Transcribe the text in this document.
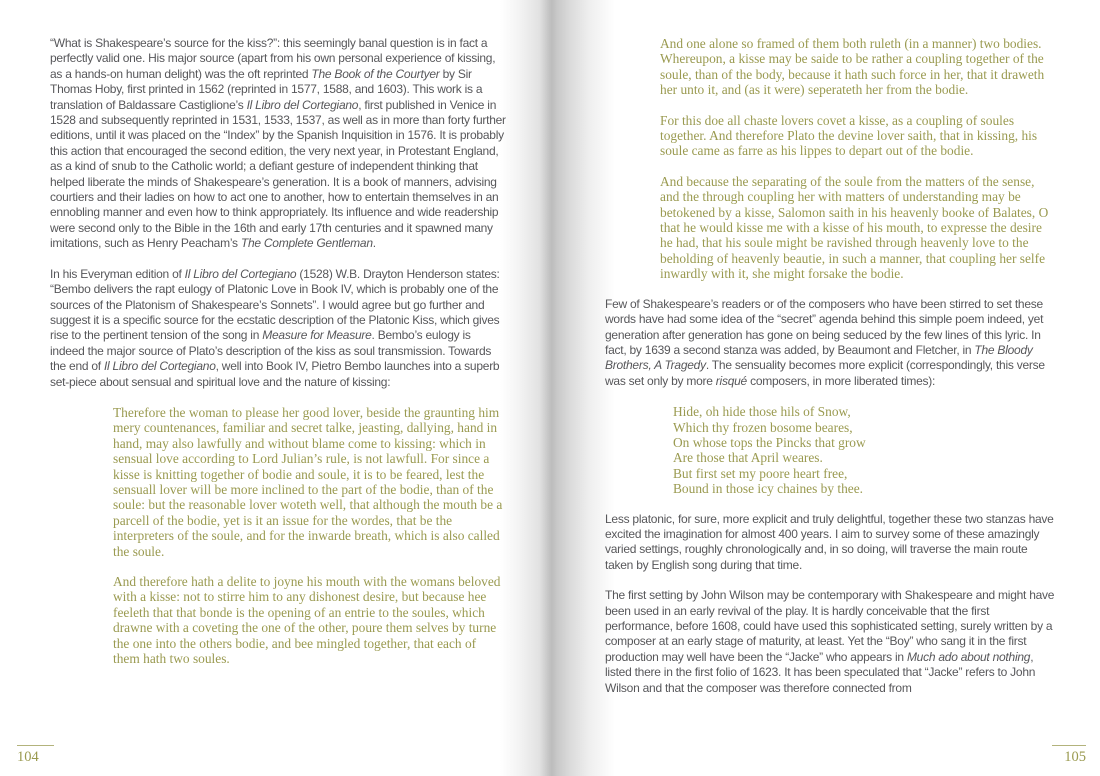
“What is Shakespeare’s source for the kiss?”: this seemingly banal question is in fact a perfectly valid one. His major source (apart from his own personal experience of kissing, as a hands-on human delight) was the oft reprinted The Book of the Courtyer by Sir Thomas Hoby, first printed in 1562 (reprinted in 1577, 1588, and 1603). This work is a translation of Baldassare Castiglione’s Il Libro del Cortegiano, first published in Venice in 1528 and subsequently reprinted in 1531, 1533, 1537, as well as in more than forty further editions, until it was placed on the “Index” by the Spanish Inquisition in 1576. It is probably this action that encouraged the second edition, the very next year, in Protestant England, as a kind of snub to the Catholic world; a defiant gesture of independent thinking that helped liberate the minds of Shakespeare’s generation. It is a book of manners, advising courtiers and their ladies on how to act one to another, how to entertain themselves in an ennobling manner and even how to think appropriately. Its influence and wide readership were second only to the Bible in the 16th and early 17th centuries and it spawned many imitations, such as Henry Peacham’s The Complete Gentleman.

In his Everyman edition of Il Libro del Cortegiano (1528) W.B. Drayton Henderson states: “Bembo delivers the rapt eulogy of Platonic Love in Book IV, which is probably one of the sources of the Platonism of Shakespeare’s Sonnets”. I would agree but go further and suggest it is a specific source for the ecstatic description of the Platonic Kiss, which gives rise to the pertinent tension of the song in Measure for Measure. Bembo’s eulogy is indeed the major source of Plato’s description of the kiss as soul transmission. Towards the end of Il Libro del Cortegiano, well into Book IV, Pietro Bembo launches into a superb set-piece about sensual and spiritual love and the nature of kissing:

Therefore the woman to please her good lover, beside the graunting him mery countenances, familiar and secret talke, jeasting, dallying, hand in hand, may also lawfully and without blame come to kissing: which in sensual love according to Lord Julian’s rule, is not lawfull. For since a kisse is knitting together of bodie and soule, it is to be feared, lest the sensuall lover will be more inclined to the part of the bodie, than of the soule: but the reasonable lover woteth well, that although the mouth be a parcell of the bodie, yet is it an issue for the wordes, that be the interpreters of the soule, and for the inwarde breath, which is also called the soule.

And therefore hath a delite to joyne his mouth with the womans beloved with a kisse: not to stirre him to any dishonest desire, but because hee feeleth that that bonde is the opening of an entrie to the soules, which drawne with a coveting the one of the other, poure them selves by turne the one into the others bodie, and bee mingled together, that each of them hath two soules.

And one alone so framed of them both ruleth (in a manner) two bodies. Whereupon, a kisse may be saide to be rather a coupling together of the soule, than of the body, because it hath such force in her, that it draweth her unto it, and (as it were) seperateth her from the bodie.

For this doe all chaste lovers covet a kisse, as a coupling of soules together. And therefore Plato the devine lover saith, that in kissing, his soule came as farre as his lippes to depart out of the bodie.

And because the separating of the soule from the matters of the sense, and the through coupling her with matters of understanding may be betokened by a kisse, Salomon saith in his heavenly booke of Balates, O that he would kisse me with a kisse of his mouth, to expresse the desire he had, that his soule might be ravished through heavenly love to the beholding of heavenly beautie, in such a manner, that coupling her selfe inwardly with it, she might forsake the bodie.

Few of Shakespeare’s readers or of the composers who have been stirred to set these words have had some idea of the “secret” agenda behind this simple poem indeed, yet generation after generation has gone on being seduced by the few lines of this lyric. In fact, by 1639 a second stanza was added, by Beaumont and Fletcher, in The Bloody Brothers, A Tragedy. The sensuality becomes more explicit (correspondingly, this verse was set only by more risqué composers, in more liberated times):

Hide, oh hide those hils of Snow,
Which thy frozen bosome beares,
On whose tops the Pincks that grow
Are those that April weares.
But first set my poore heart free,
Bound in those icy chaines by thee.

Less platonic, for sure, more explicit and truly delightful, together these two stanzas have excited the imagination for almost 400 years. I aim to survey some of these amazingly varied settings, roughly chronologically and, in so doing, will traverse the main route taken by English song during that time.

The first setting by John Wilson may be contemporary with Shakespeare and might have been used in an early revival of the play. It is hardly conceivable that the first performance, before 1608, could have used this sophisticated setting, surely written by a composer at an early stage of maturity, at least. Yet the “Boy” who sang it in the first production may well have been the “Jacke” who appears in Much ado about nothing, listed there in the first folio of 1623. It has been speculated that “Jacke” refers to John Wilson and that the composer was therefore connected from

104	105
